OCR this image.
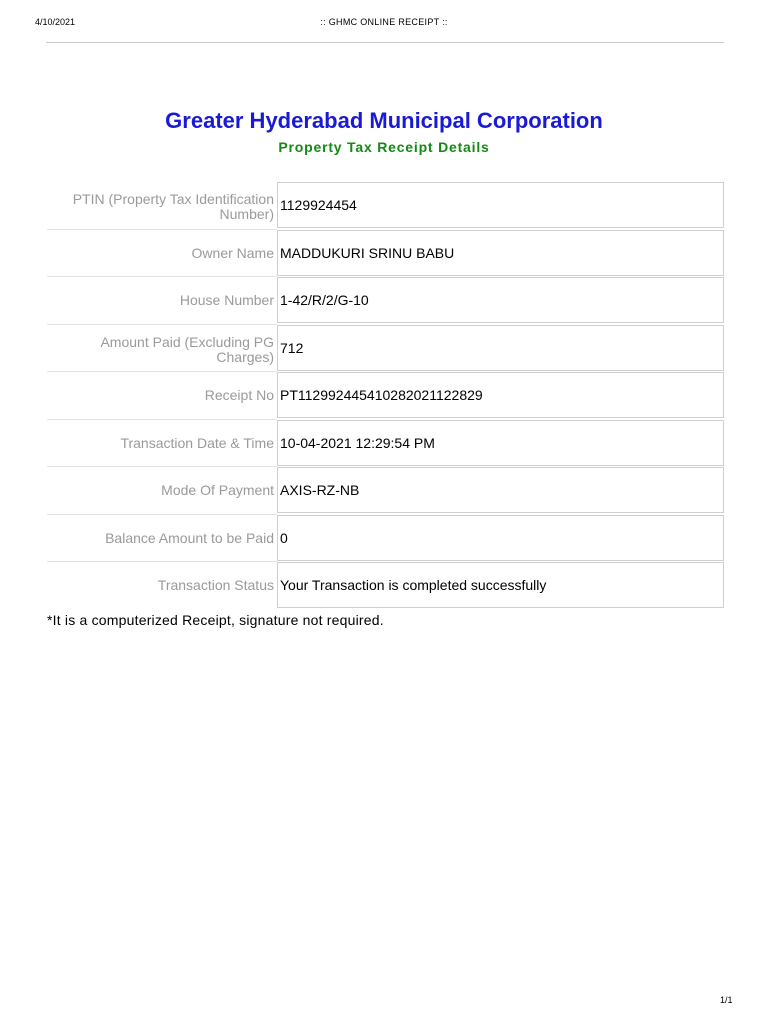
4/10/2021	:: GHMC ONLINE RECEIPT ::
Greater Hyderabad Municipal Corporation
Property Tax Receipt Details
PTIN (Property Tax Identification Number)
1129924454
Owner Name MADDUKURI SRINU BABU
House Number 1-42/R/2/G-10
Amount Paid (Excluding PG Charges)
712
Receipt No PT112992445410282021122829
Transaction Date & Time 10-04-2021 12:29:54 PM
Mode Of Payment AXIS-RZ-NB
Balance Amount to be Paid 0
Transaction Status Your Transaction is completed successfully
*It is a computerized Receipt, signature not required.
1/1
